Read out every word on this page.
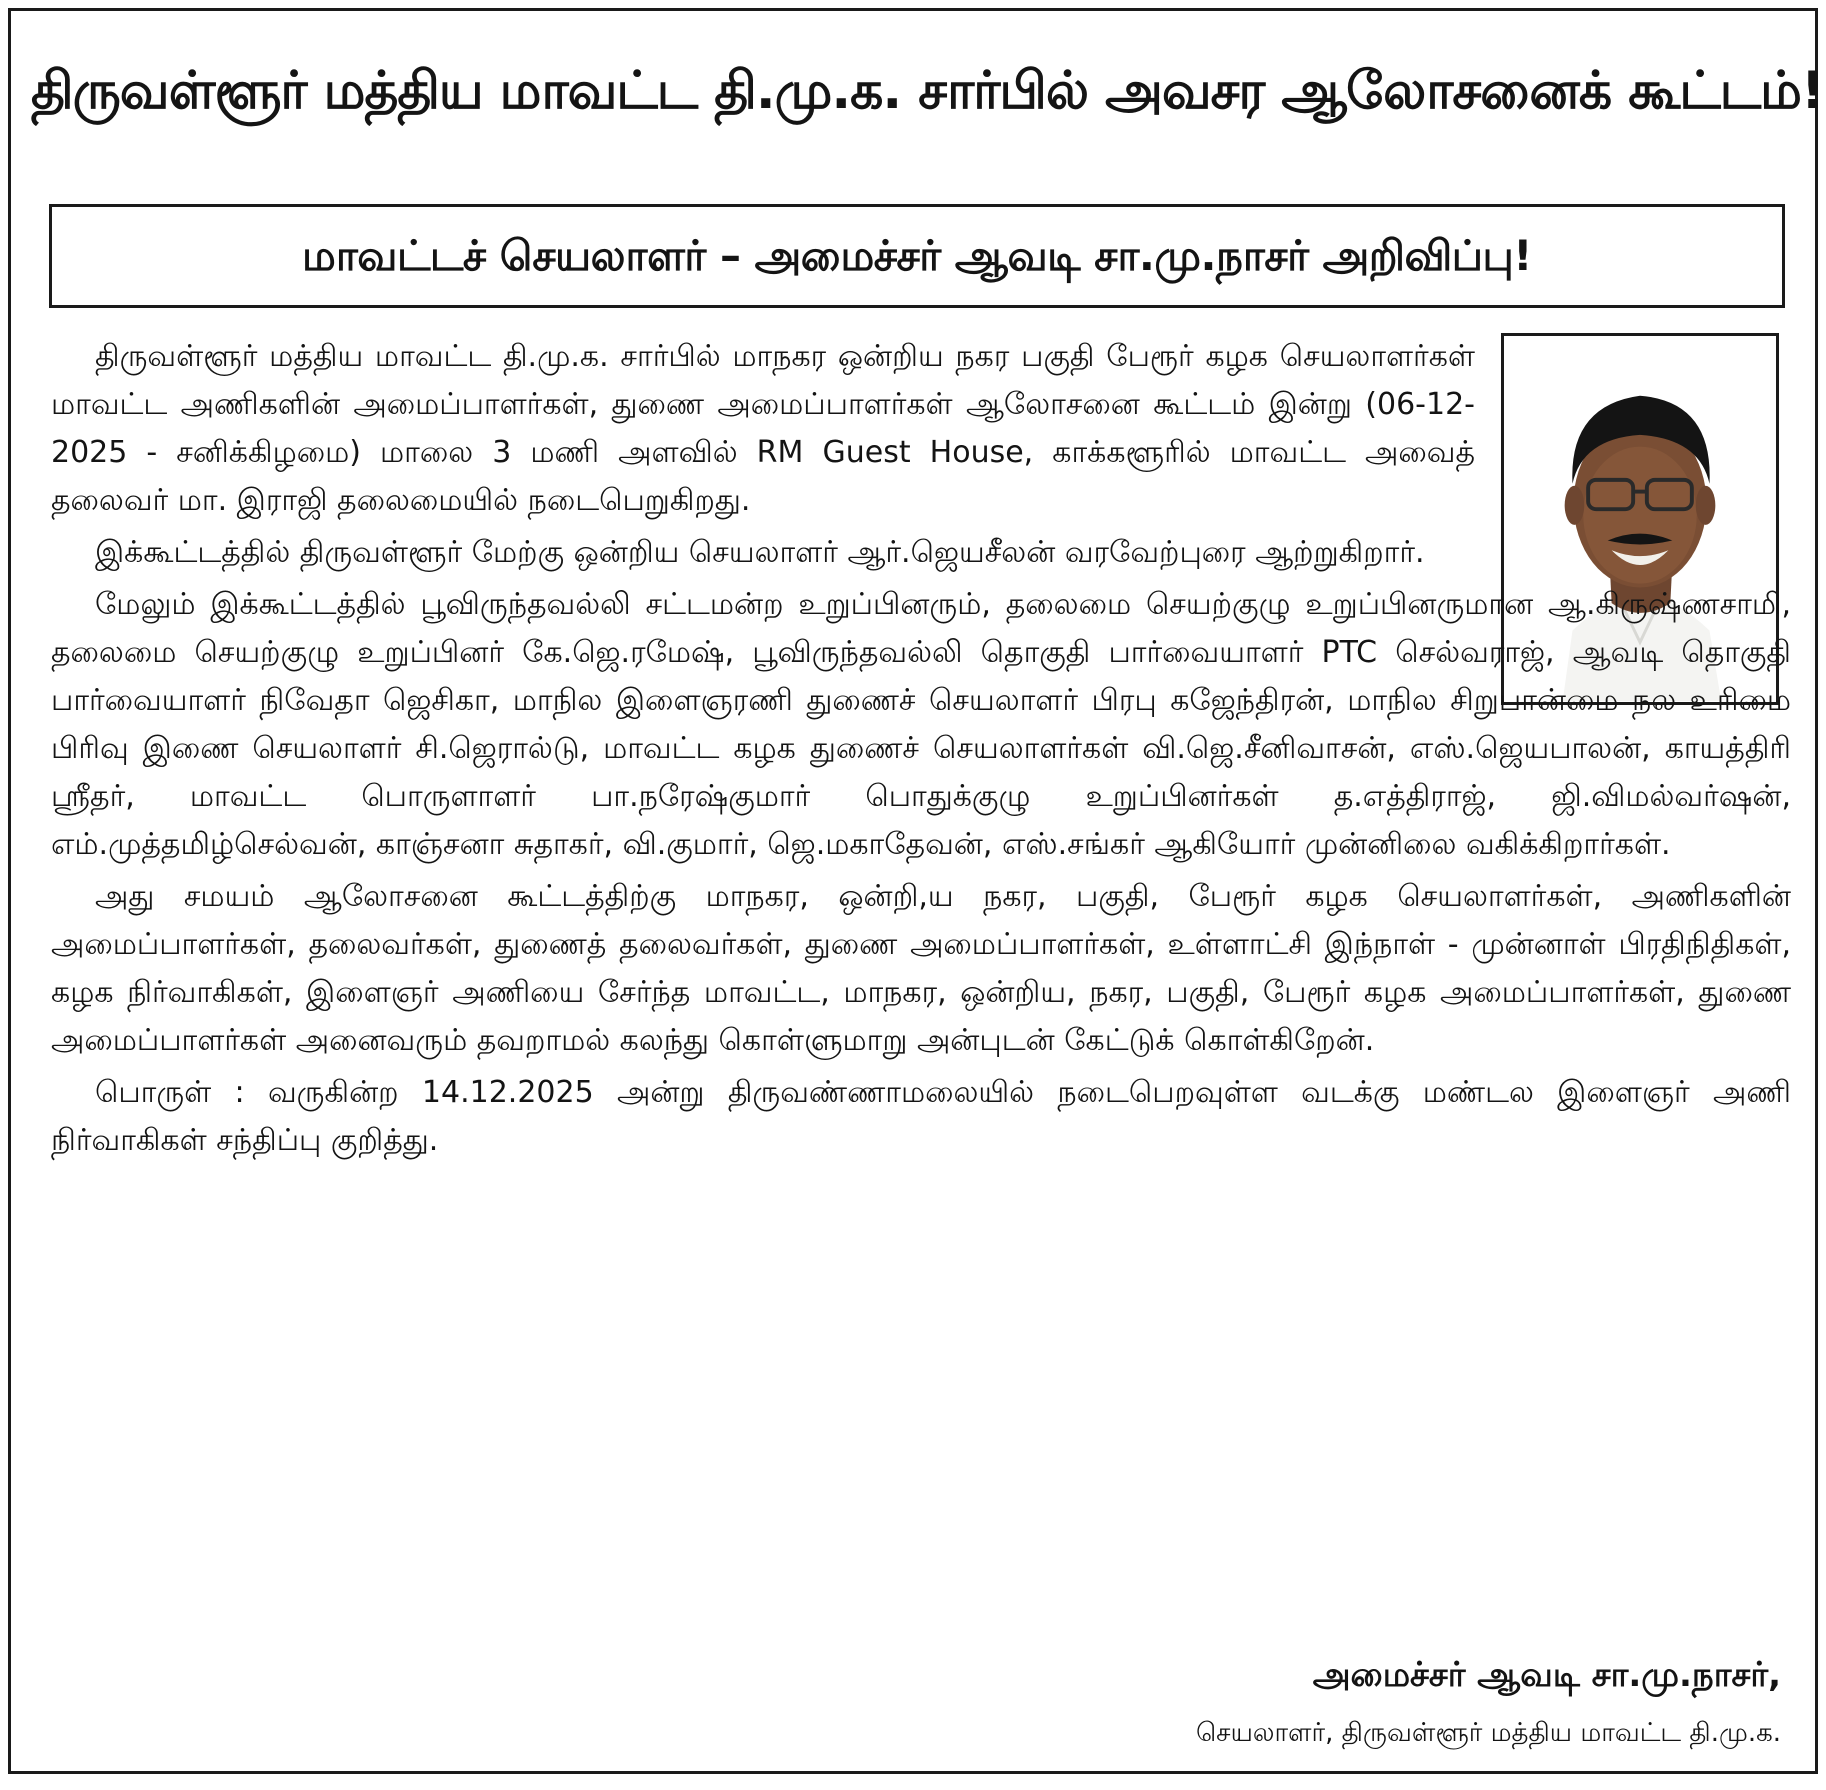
திருவள்ளூர் மத்திய மாவட்ட தி.மு.க. சார்பில் அவசர ஆலோசனைக் கூட்டம்!
மாவட்டச் செயலாளர் – அமைச்சர் ஆவடி சா.மு.நாசர் அறிவிப்பு!

திருவள்ளூர் மத்திய மாவட்ட தி.மு.க. சார்பில் மாநகர ஒன்றிய நகர பகுதி பேரூர் கழக செயலாளர்கள் மாவட்ட அணிகளின் அமைப்பாளர்கள், துணை அமைப்பாளர்கள் ஆலோசனை கூட்டம் இன்று (06-12-2025 - சனிக்கிழமை) மாலை 3 மணி அளவில் RM Guest House, காக்களூரில் மாவட்ட அவைத் தலைவர் மா. இராஜி தலைமையில் நடைபெறுகிறது.

இக்கூட்டத்தில் திருவள்ளூர் மேற்கு ஒன்றிய செயலாளர் ஆர்.ஜெயசீலன் வரவேற்புரை ஆற்றுகிறார்.

மேலும் இக்கூட்டத்தில் பூவிருந்தவல்லி சட்டமன்ற உறுப்பினரும், தலைமை செயற்குழு உறுப்பினருமான ஆ.கிருஷ்ணசாமி, தலைமை செயற்குழு உறுப்பினர் கே.ஜெ.ரமேஷ், பூவிருந்தவல்லி தொகுதி பார்வையாளர் PTC செல்வராஜ், ஆவடி தொகுதி பார்வையாளர் நிவேதா ஜெசிகா, மாநில இளைஞரணி துணைச் செயலாளர் பிரபு கஜேந்திரன், மாநில சிறுபான்மை நல உரிமை பிரிவு இணை செயலாளர் சி.ஜெரால்டு, மாவட்ட கழக துணைச் செயலாளர்கள் வி.ஜெ.சீனிவாசன், எஸ்.ஜெயபாலன், காயத்திரி ஸ்ரீதர், மாவட்ட பொருளாளர் பா.நரேஷ்குமார் பொதுக்குழு உறுப்பினர்கள் த.எத்திராஜ், ஜி.விமல்வர்ஷன், எம்.முத்தமிழ்செல்வன், காஞ்சனா சுதாகர், வி.குமார், ஜெ.மகாதேவன், எஸ்.சங்கர் ஆகியோர் முன்னிலை வகிக்கிறார்கள்.

அது சமயம் ஆலோசனை கூட்டத்திற்கு மாநகர, ஒன்றி,ய நகர, பகுதி, பேரூர் கழக செயலாளர்கள், அணிகளின் அமைப்பாளர்கள், தலைவர்கள், துணைத் தலைவர்கள், துணை அமைப்பாளர்கள், உள்ளாட்சி இந்நாள் - முன்னாள் பிரதிநிதிகள், கழக நிர்வாகிகள், இளைஞர் அணியை சேர்ந்த மாவட்ட, மாநகர, ஒன்றிய, நகர, பகுதி, பேரூர் கழக அமைப்பாளர்கள், துணை அமைப்பாளர்கள் அனைவரும் தவறாமல் கலந்து கொள்ளுமாறு அன்புடன் கேட்டுக் கொள்கிறேன்.

பொருள் : வருகின்ற 14.12.2025 அன்று திருவண்ணாமலையில் நடைபெறவுள்ள வடக்கு மண்டல இளைஞர் அணி நிர்வாகிகள் சந்திப்பு குறித்து.

அமைச்சர் ஆவடி சா.மு.நாசர்,
செயலாளர், திருவள்ளூர் மத்திய மாவட்ட தி.மு.க.
